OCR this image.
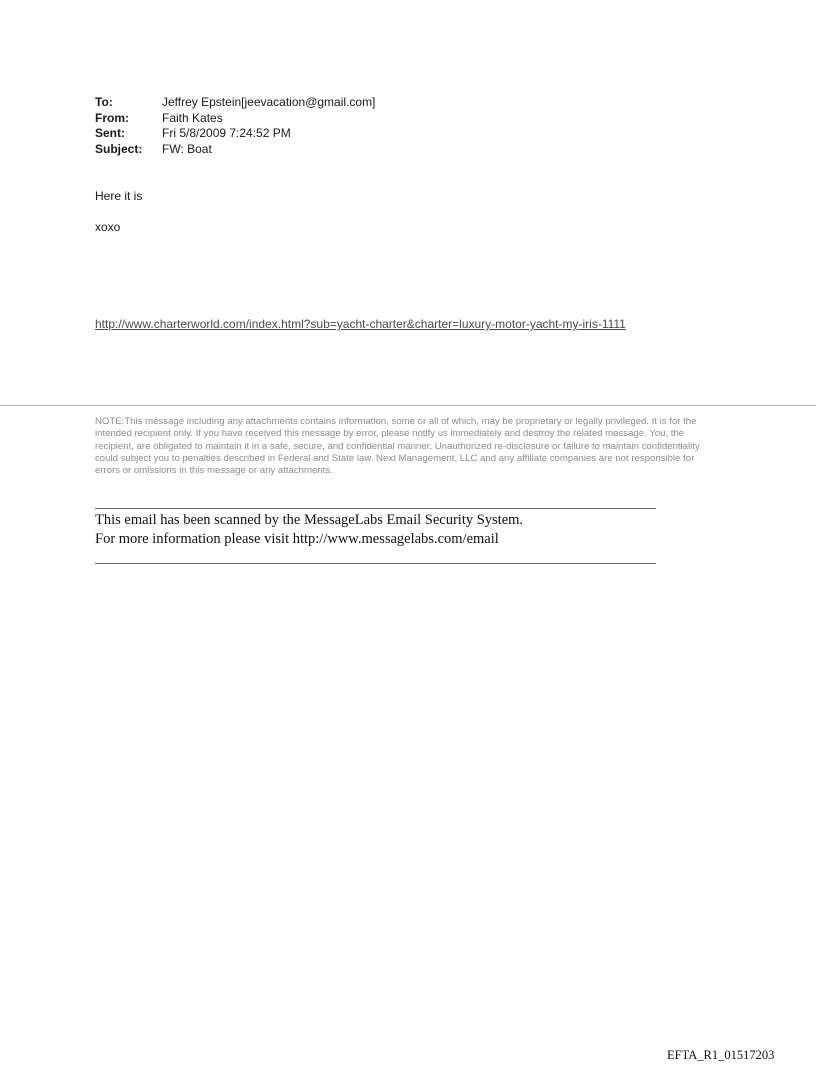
To:	Jeffrey Epstein[jeevacation@gmail.com]
From:	Faith Kates
Sent:	Fri 5/8/2009 7:24:52 PM
Subject:	FW: Boat
Here it is
xoxo
http://www.charterworld.com/index.html?sub=yacht-charter&charter=luxury-motor-yacht-my-iris-1111
NOTE:This message including any attachments contains information, some or all of which, may be proprietary or legally privileged. It is for the intended recipient only. If you have received this message by error, please notify us immediately and destroy the related message. You, the recipient, are obligated to maintain it in a safe, secure, and confidential manner. Unauthorized re-disclosure or failure to maintain confidentiality could subject you to penalties described in Federal and State law. Next Management, LLC and any affiliate companies are not responsible for errors or omissions in this message or any attachments.
This email has been scanned by the MessageLabs Email Security System.
For more information please visit http://www.messagelabs.com/email
EFTA_R1_01517203
